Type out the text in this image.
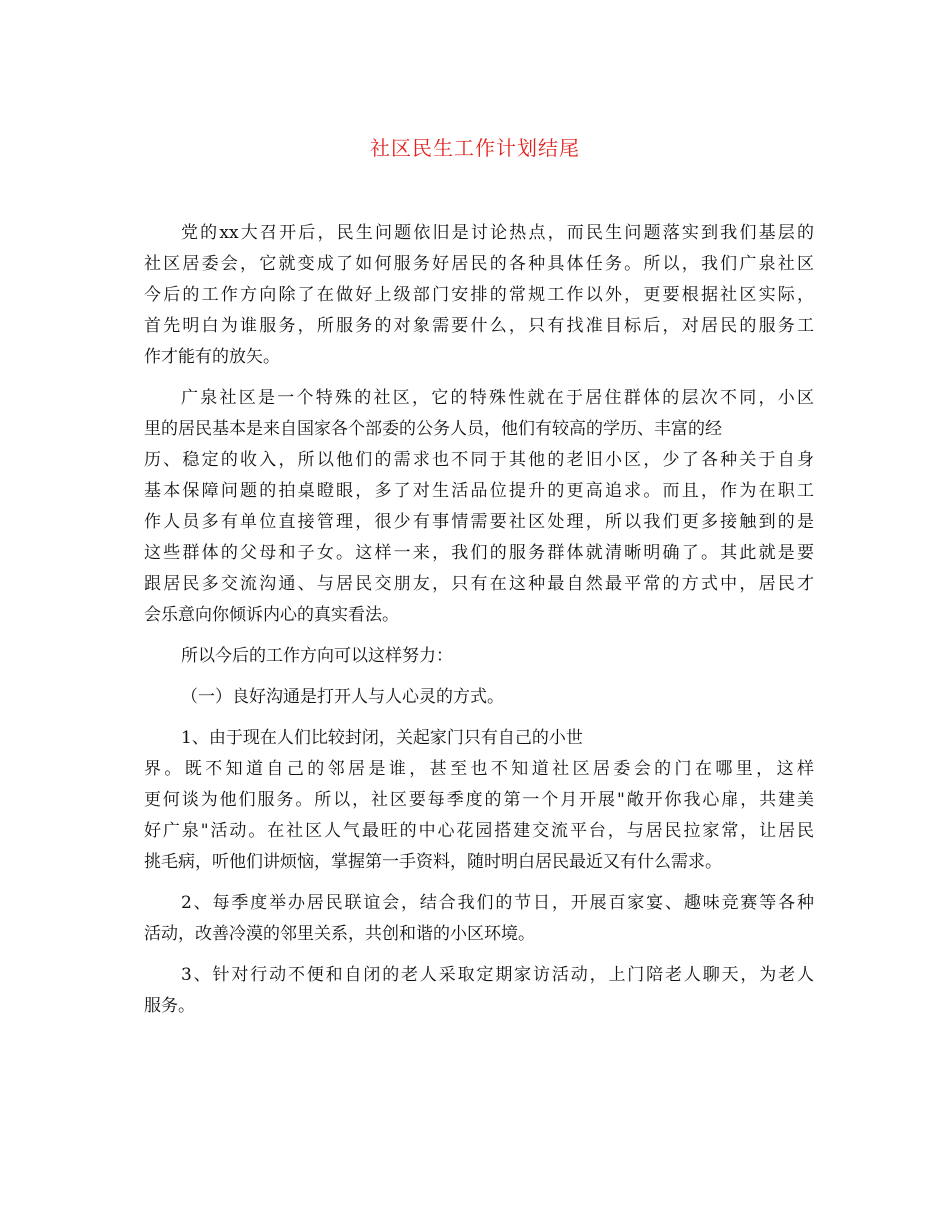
社区民生工作计划结尾
党的xx大召开后，民生问题依旧是讨论热点，而民生问题落实到我们基层的
社区居委会，它就变成了如何服务好居民的各种具体任务。所以，我们广泉社区
今后的工作方向除了在做好上级部门安排的常规工作以外，更要根据社区实际，
首先明白为谁服务，所服务的对象需要什么，只有找准目标后，对居民的服务工
作才能有的放矢。
广泉社区是一个特殊的社区，它的特殊性就在于居住群体的层次不同，小区
里的居民基本是来自国家各个部委的公务人员，他们有较高的学历、丰富的经
历、稳定的收入，所以他们的需求也不同于其他的老旧小区，少了各种关于自身
基本保障问题的拍桌瞪眼，多了对生活品位提升的更高追求。而且，作为在职工
作人员多有单位直接管理，很少有事情需要社区处理，所以我们更多接触到的是
这些群体的父母和子女。这样一来，我们的服务群体就清晰明确了。其此就是要
跟居民多交流沟通、与居民交朋友，只有在这种最自然最平常的方式中，居民才
会乐意向你倾诉内心的真实看法。
所以今后的工作方向可以这样努力：
（一）良好沟通是打开人与人心灵的方式。
1、由于现在人们比较封闭，关起家门只有自己的小世
界。既不知道自己的邻居是谁，甚至也不知道社区居委会的门在哪里，这样
更何谈为他们服务。所以，社区要每季度的第一个月开展"敞开你我心扉，共建美
好广泉"活动。在社区人气最旺的中心花园搭建交流平台，与居民拉家常，让居民
挑毛病，听他们讲烦恼，掌握第一手资料，随时明白居民最近又有什么需求。
2、每季度举办居民联谊会，结合我们的节日，开展百家宴、趣味竞赛等各种
活动，改善冷漠的邻里关系，共创和谐的小区环境。
3、针对行动不便和自闭的老人采取定期家访活动，上门陪老人聊天，为老人
服务。
